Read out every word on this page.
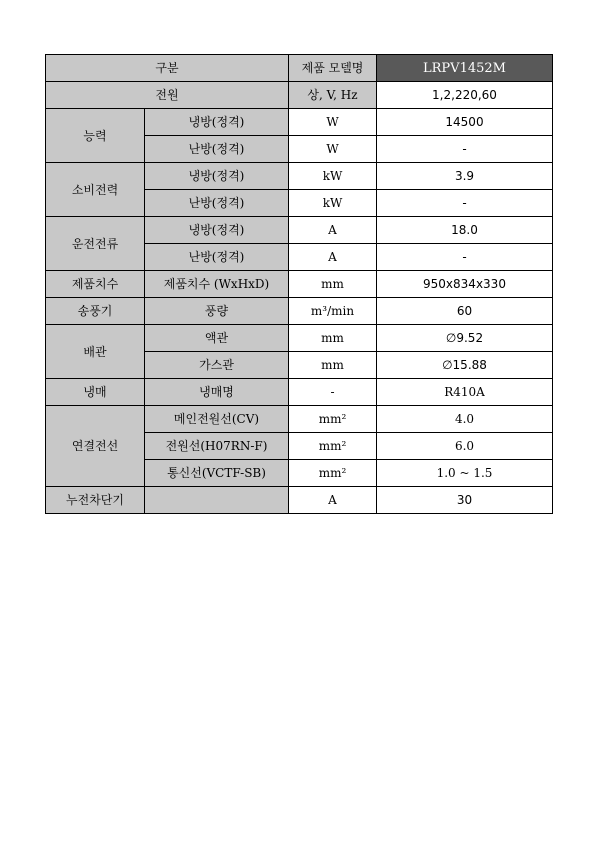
구분		제품 모델명	LRPV1452M
전원		상, V, Hz	1,2,220,60
능력	냉방(정격)	W	14500
	난방(정격)	W	-
소비전력	냉방(정격)	kW	3.9
	난방(정격)	kW	-
운전전류	냉방(정격)	A	18.0
	난방(정격)	A	-
제품치수	제품치수 (WxHxD)	mm	950x834x330
송풍기	풍량	m³/min	60
배관	액관	mm	∅9.52
	가스관	mm	∅15.88
냉매	냉매명	-	R410A
연결전선	메인전원선(CV)	mm²	4.0
	전원선(H07RN-F)	mm²	6.0
	통신선(VCTF-SB)	mm²	1.0 ~ 1.5
누전차단기		A	30
